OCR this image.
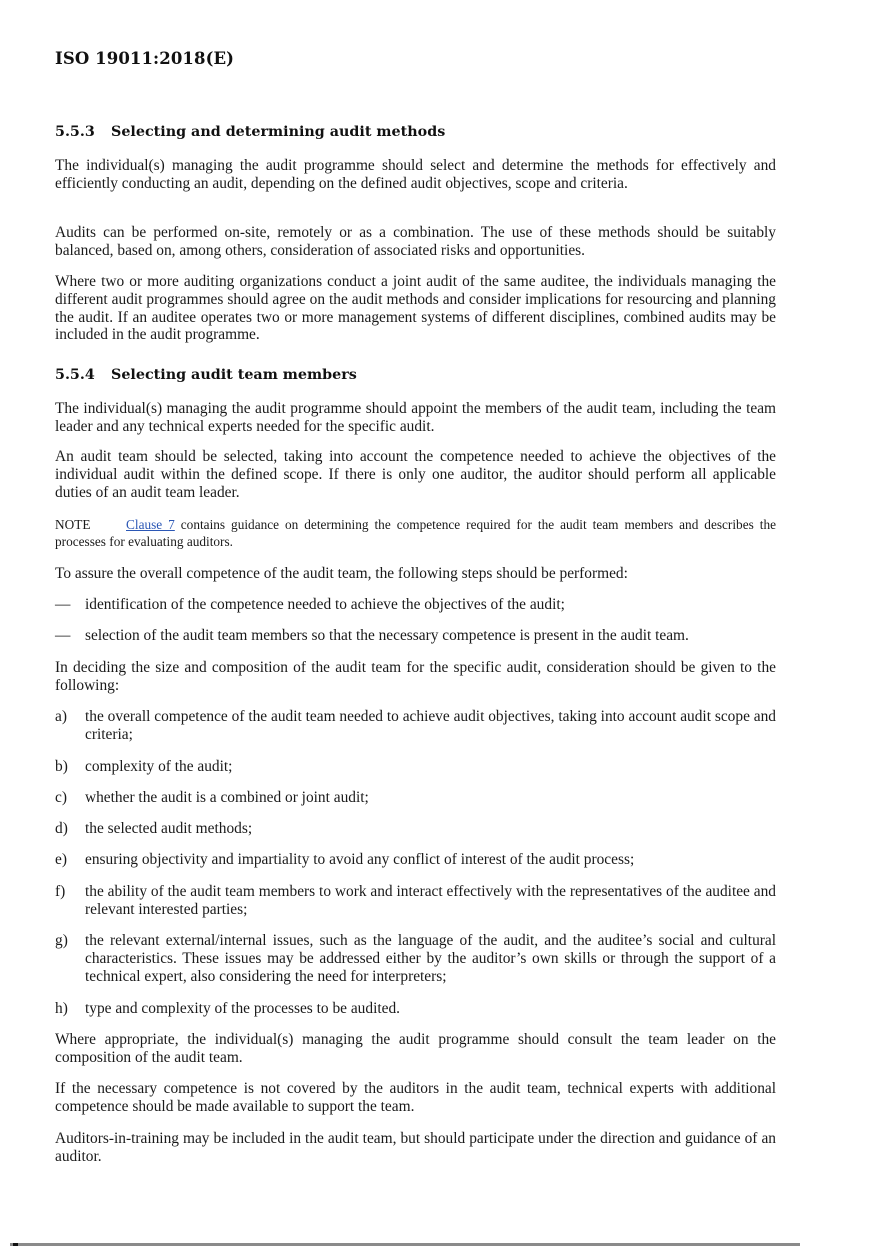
ISO 19011:2018(E)
5.5.3 Selecting and determining audit methods
The individual(s) managing the audit programme should select and determine the methods for effectively and efficiently conducting an audit, depending on the defined audit objectives, scope and criteria.
Audits can be performed on-site, remotely or as a combination. The use of these methods should be suitably balanced, based on, among others, consideration of associated risks and opportunities.
Where two or more auditing organizations conduct a joint audit of the same auditee, the individuals managing the different audit programmes should agree on the audit methods and consider implications for resourcing and planning the audit. If an auditee operates two or more management systems of different disciplines, combined audits may be included in the audit programme.
5.5.4 Selecting audit team members
The individual(s) managing the audit programme should appoint the members of the audit team, including the team leader and any technical experts needed for the specific audit.
An audit team should be selected, taking into account the competence needed to achieve the objectives of the individual audit within the defined scope. If there is only one auditor, the auditor should perform all applicable duties of an audit team leader.
NOTE	Clause 7 contains guidance on determining the competence required for the audit team members and describes the processes for evaluating auditors.
To assure the overall competence of the audit team, the following steps should be performed:
— identification of the competence needed to achieve the objectives of the audit;
— selection of the audit team members so that the necessary competence is present in the audit team.
In deciding the size and composition of the audit team for the specific audit, consideration should be given to the following:
a) the overall competence of the audit team needed to achieve audit objectives, taking into account audit scope and criteria;
b) complexity of the audit;
c) whether the audit is a combined or joint audit;
d) the selected audit methods;
e) ensuring objectivity and impartiality to avoid any conflict of interest of the audit process;
f) the ability of the audit team members to work and interact effectively with the representatives of the auditee and relevant interested parties;
g) the relevant external/internal issues, such as the language of the audit, and the auditee’s social and cultural characteristics. These issues may be addressed either by the auditor’s own skills or through the support of a technical expert, also considering the need for interpreters;
h) type and complexity of the processes to be audited.
Where appropriate, the individual(s) managing the audit programme should consult the team leader on the composition of the audit team.
If the necessary competence is not covered by the auditors in the audit team, technical experts with additional competence should be made available to support the team.
Auditors-in-training may be included in the audit team, but should participate under the direction and guidance of an auditor.
